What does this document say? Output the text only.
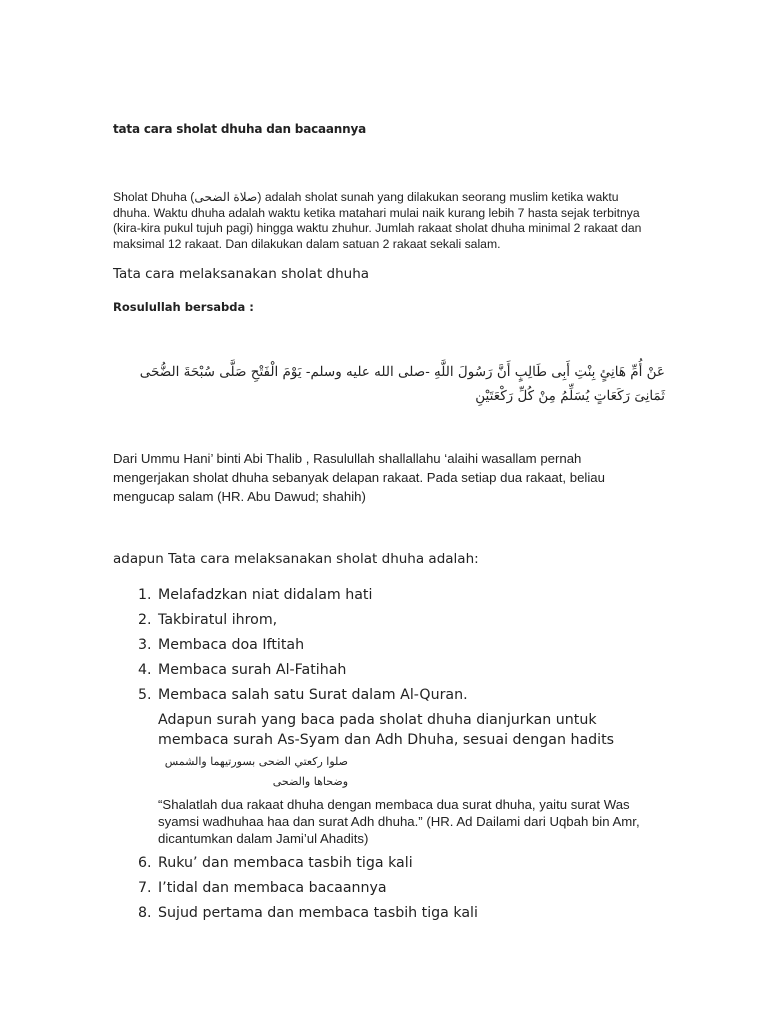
tata cara sholat dhuha dan bacaannya
Sholat Dhuha (صلاة الضحى) adalah sholat sunah yang dilakukan seorang muslim ketika waktu dhuha. Waktu dhuha adalah waktu ketika matahari mulai naik kurang lebih 7 hasta sejak terbitnya (kira-kira pukul tujuh pagi) hingga waktu zhuhur. Jumlah rakaat sholat dhuha minimal 2 rakaat dan maksimal 12 rakaat. Dan dilakukan dalam satuan 2 rakaat sekali salam.
Tata cara melaksanakan sholat dhuha
Rosulullah bersabda :
عَنْ أُمِّ هَانِئٍ بِنْتِ أَبِى طَالِبٍ أَنَّ رَسُولَ اللَّهِ -صلى الله عليه وسلم- يَوْمَ الْفَتْحِ صَلَّى سُبْحَةَ الضُّحَى ثَمَانِىَ رَكَعَاتٍ يُسَلِّمُ مِنْ كُلِّ رَكْعَتَيْنِ
Dari Ummu Hani’ binti Abi Thalib , Rasulullah shallallahu ‘alaihi wasallam pernah mengerjakan sholat dhuha sebanyak delapan rakaat. Pada setiap dua rakaat, beliau mengucap salam (HR. Abu Dawud; shahih)
adapun Tata cara melaksanakan sholat dhuha adalah:
1. Melafadzkan niat didalam hati
2. Takbiratul ihrom,
3. Membaca doa Iftitah
4. Membaca surah Al-Fatihah
5. Membaca salah satu Surat dalam Al-Quran.
Adapun surah yang baca pada sholat dhuha dianjurkan untuk membaca surah As-Syam dan Adh Dhuha, sesuai dengan hadits
صلوا ركعتي الضحى بسورتيهما والشمس وضحاها والضحى
“Shalatlah dua rakaat dhuha dengan membaca dua surat dhuha, yaitu surat Was syamsi wadhuhaa haa dan surat Adh dhuha.” (HR. Ad Dailami dari Uqbah bin Amr, dicantumkan dalam Jami’ul Ahadits)
6. Ruku’ dan membaca tasbih tiga kali
7. I’tidal dan membaca bacaannya
8. Sujud pertama dan membaca tasbih tiga kali
